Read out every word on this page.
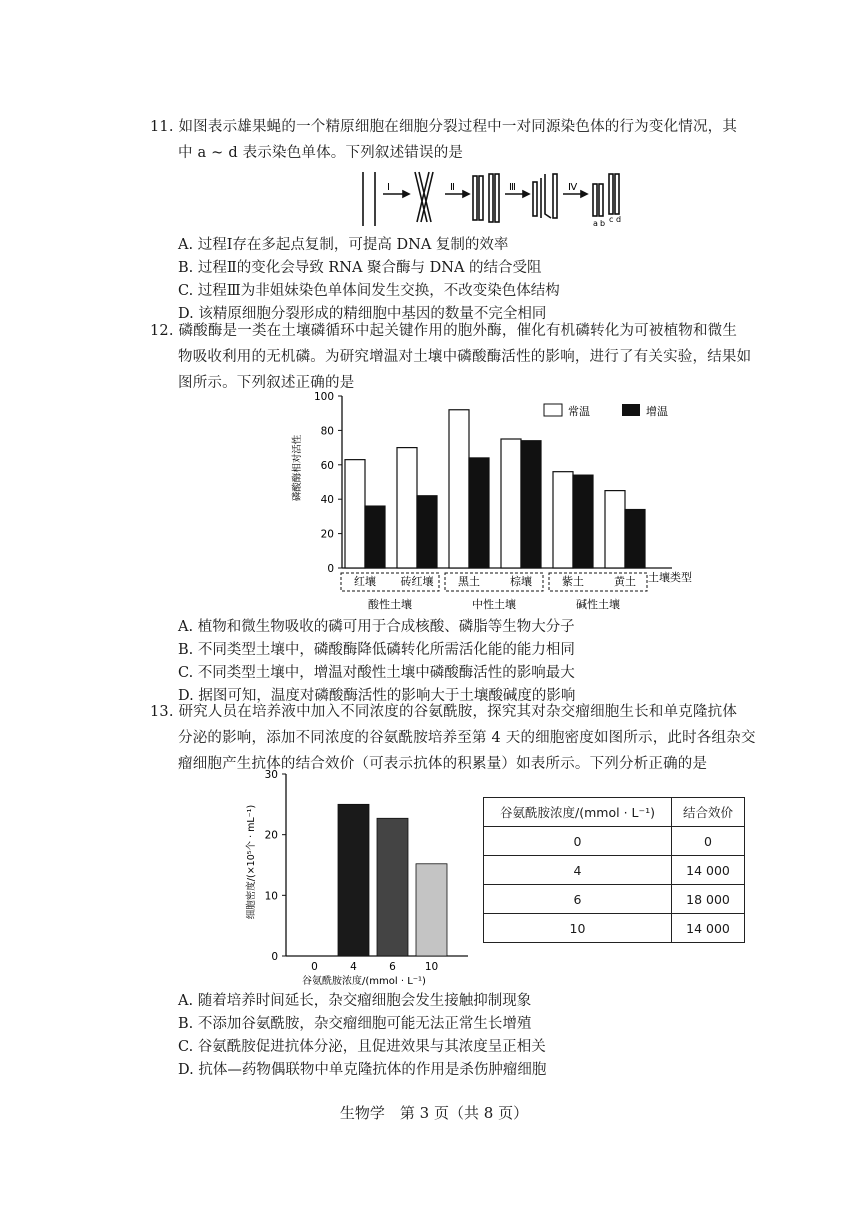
11. 如图表示雄果蝇的一个精原细胞在细胞分裂过程中一对同源染色体的行为变化情况，其
中 a ~ d 表示染色单体。下列叙述错误的是
Ⅰ	Ⅱ	Ⅲ	Ⅳ
a b c d
A. 过程Ⅰ存在多起点复制，可提高 DNA 复制的效率
B. 过程Ⅱ的变化会导致 RNA 聚合酶与 DNA 的结合受阻
C. 过程Ⅲ为非姐妹染色单体间发生交换，不改变染色体结构
D. 该精原细胞分裂形成的精细胞中基因的数量不完全相同
12. 磷酸酶是一类在土壤磷循环中起关键作用的胞外酶，催化有机磷转化为可被植物和微生
物吸收利用的无机磷。为研究增温对土壤中磷酸酶活性的影响，进行了有关实验，结果如
图所示。下列叙述正确的是
磷酸酶相对活性
0
20
40
60
80
100
红壤 砖红壤 黑土	棕壤	紫土	黄土
酸性土壤	中性土壤	碱性土壤
常温	增温
土壤类型
A. 植物和微生物吸收的磷可用于合成核酸、磷脂等生物大分子
B. 不同类型土壤中，磷酸酶降低磷转化所需活化能的能力相同
C. 不同类型土壤中，增温对酸性土壤中磷酸酶活性的影响最大
D. 据图可知，温度对磷酸酶活性的影响大于土壤酸碱度的影响
13. 研究人员在培养液中加入不同浓度的谷氨酰胺，探究其对杂交瘤细胞生长和单克隆抗体
分泌的影响，添加不同浓度的谷氨酰胺培养至第 4 天的细胞密度如图所示，此时各组杂交
瘤细胞产生抗体的结合效价（可表示抗体的积累量）如表所示。下列分析正确的是
细胞密度/(×10⁵个 · mL⁻¹)
0
10
20
30
0	4	6	10
谷氨酰胺浓度/(mmol · L⁻¹)
谷氨酰胺浓度/(mmol · L⁻¹)	结合效价
0	0
4	14 000
6	18 000
10	14 000
A. 随着培养时间延长，杂交瘤细胞会发生接触抑制现象
B. 不添加谷氨酰胺，杂交瘤细胞可能无法正常生长增殖
C. 谷氨酰胺促进抗体分泌，且促进效果与其浓度呈正相关
D. 抗体—药物偶联物中单克隆抗体的作用是杀伤肿瘤细胞
生物学　第 3 页（共 8 页）
